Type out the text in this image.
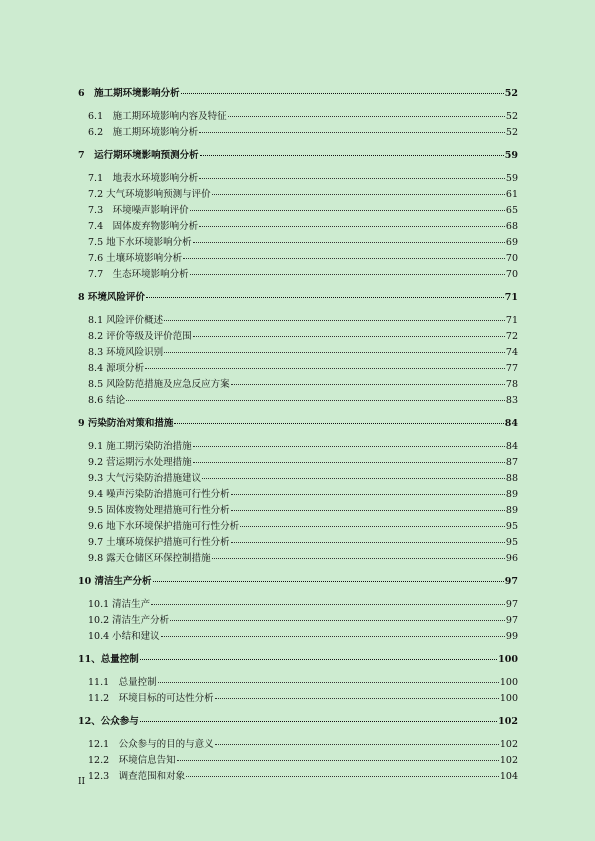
6　施工期环境影响分析	52
6.1　施工期环境影响内容及特征	52
6.2　施工期环境影响分析	52
7　运行期环境影响预测分析	59
7.1　地表水环境影响分析	59
7.2 大气环境影响预测与评价	61
7.3　环境噪声影响评价	65
7.4　固体废弃物影响分析	68
7.5 地下水环境影响分析	69
7.6 土壤环境影响分析	70
7.7　生态环境影响分析	70
8 环境风险评价	71
8.1 风险评价概述	71
8.2 评价等级及评价范围	72
8.3 环境风险识别	74
8.4 源项分析	77
8.5 风险防范措施及应急反应方案	78
8.6 结论	83
9 污染防治对策和措施	84
9.1 施工期污染防治措施	84
9.2 营运期污水处理措施	87
9.3 大气污染防治措施建议	88
9.4 噪声污染防治措施可行性分析	89
9.5 固体废物处理措施可行性分析	89
9.6 地下水环境保护措施可行性分析	95
9.7 土壤环境保护措施可行性分析	95
9.8 露天仓储区环保控制措施	96
10 清洁生产分析	97
10.1 清洁生产	97
10.2 清洁生产分析	97
10.4 小结和建议	99
11、总量控制	100
11.1　总量控制	100
11.2　环境目标的可达性分析	100
12、公众参与	102
12.1　公众参与的目的与意义	102
12.2　环境信息告知	102
12.3　调查范围和对象	104
II
